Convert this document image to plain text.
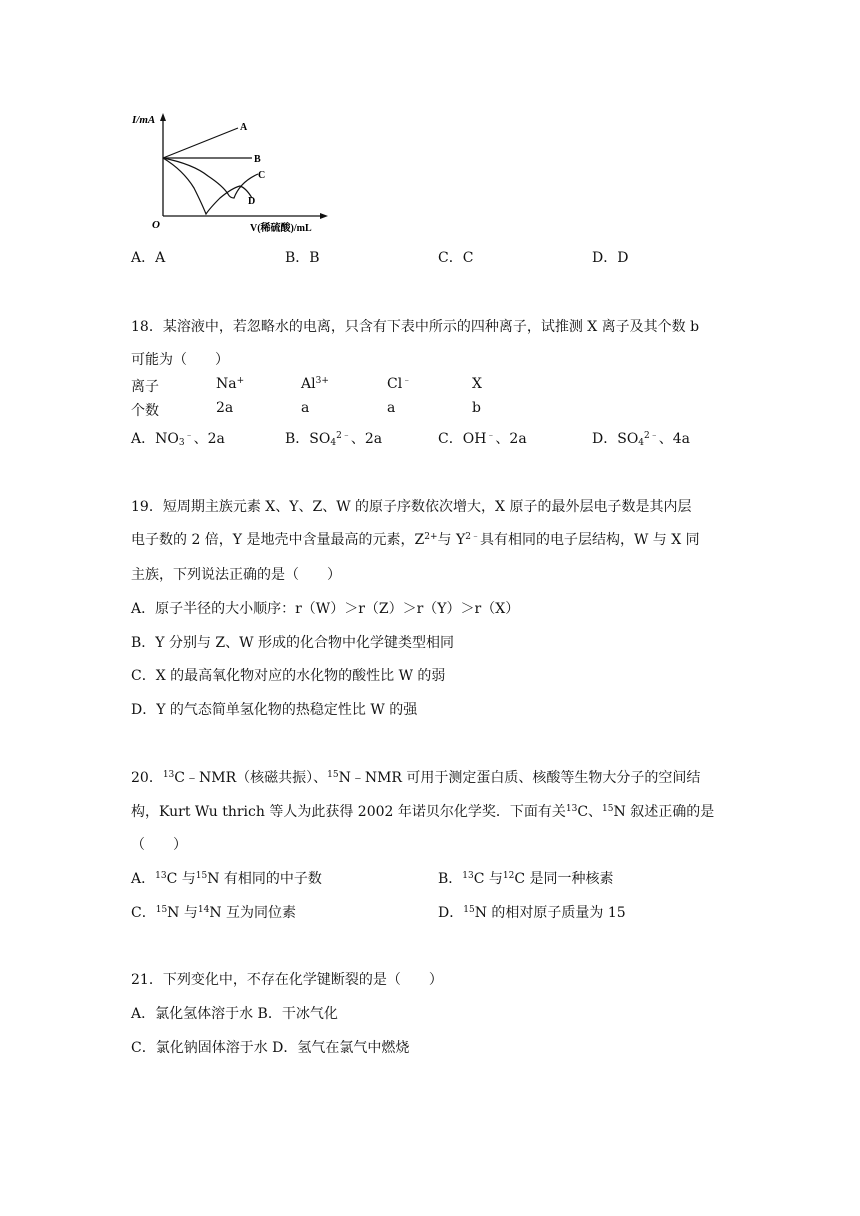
I/mA
O	V(稀硫酸)/mL
A
B
C
D
A．A	B．B	C．C	D．D
18．某溶液中，若忽略水的电离，只含有下表中所示的四种离子，试推测 X 离子及其个数 b
可能为（　　）
离子	Na+	$Al^{3+}$	Cl﹣	X
个数	2a	a	a	b
A．$NO_3^﹣$、2a	B．$SO_4^{2﹣}$、2a	C．OH﹣、2a	D．$SO_4^{2﹣}$、4a
19．短周期主族元素 X、Y、Z、W 的原子序数依次增大，X 原子的最外层电子数是其内层
电子数的 2 倍，Y 是地壳中含量最高的元素，$Z^{2+}$与 $Y^{2﹣}$具有相同的电子层结构，W 与 X 同
主族，下列说法正确的是（　　）
A．原子半径的大小顺序：r（W）＞r（Z）＞r（Y）＞r（X）
B．Y 分别与 Z、W 形成的化合物中化学键类型相同
C．X 的最高氧化物对应的水化物的酸性比 W 的弱
D．Y 的气态简单氢化物的热稳定性比 W 的强
20．$^{13}$C﹣NMR（核磁共振）、$^{15}$N﹣NMR 可用于测定蛋白质、核酸等生物大分子的空间结
构，Kurt Wu thrich 等人为此获得 2002 年诺贝尔化学奖．下面有关$^{13}$C、$^{15}$N 叙述正确的是
（　　）
A．$^{13}$C 与$^{15}$N 有相同的中子数	B．$^{13}$C 与$^{12}$C 是同一种核素
C．$^{15}$N 与$^{14}$N 互为同位素	D．$^{15}$N 的相对原子质量为 15
21．下列变化中，不存在化学键断裂的是（　　）
A．氯化氢体溶于水 B．干冰气化
C．氯化钠固体溶于水 D．氢气在氯气中燃烧
